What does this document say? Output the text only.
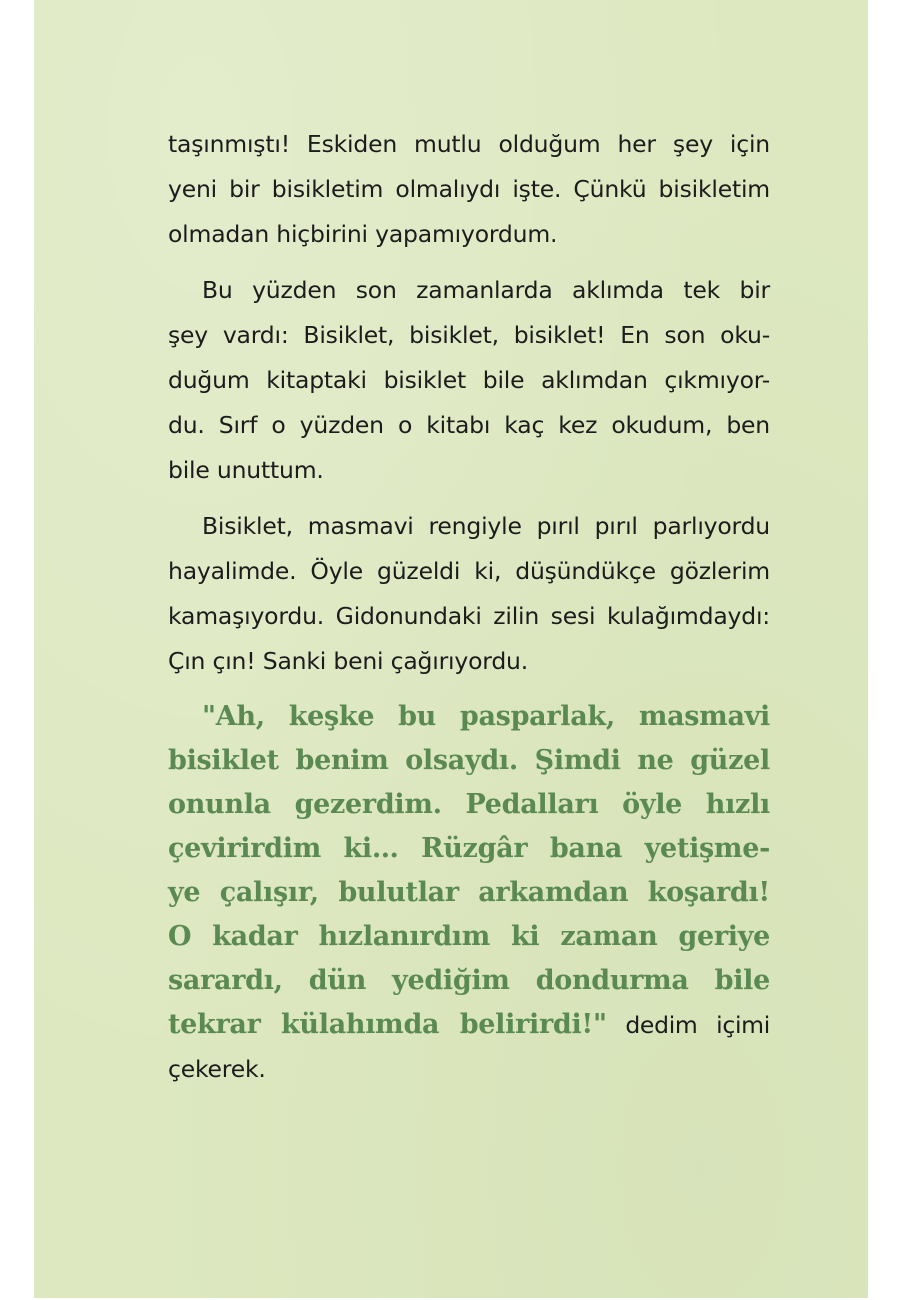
taşınmıştı! Eskiden mutlu olduğum her şey için
yeni bir bisikletim olmalıydı işte. Çünkü bisikletim
olmadan hiçbirini yapamıyordum.

Bu yüzden son zamanlarda aklımda tek bir
şey vardı: Bisiklet, bisiklet, bisiklet! En son oku-
duğum kitaptaki bisiklet bile aklımdan çıkmıyor-
du. Sırf o yüzden o kitabı kaç kez okudum, ben
bile unuttum.

Bisiklet, masmavi rengiyle pırıl pırıl parlıyordu
hayalimde. Öyle güzeldi ki, düşündükçe gözlerim
kamaşıyordu. Gidonundaki zilin sesi kulağımdaydı:
Çın çın! Sanki beni çağırıyordu.

"Ah, keşke bu pasparlak, masmavi
bisiklet benim olsaydı. Şimdi ne güzel
onunla gezerdim. Pedalları öyle hızlı
çevirirdim ki… Rüzgâr bana yetişme-
ye çalışır, bulutlar arkamdan koşardı!
O kadar hızlanırdım ki zaman geriye
sarardı, dün yediğim dondurma bile
tekrar külahımda belirirdi!" dedim içimi
çekerek.
